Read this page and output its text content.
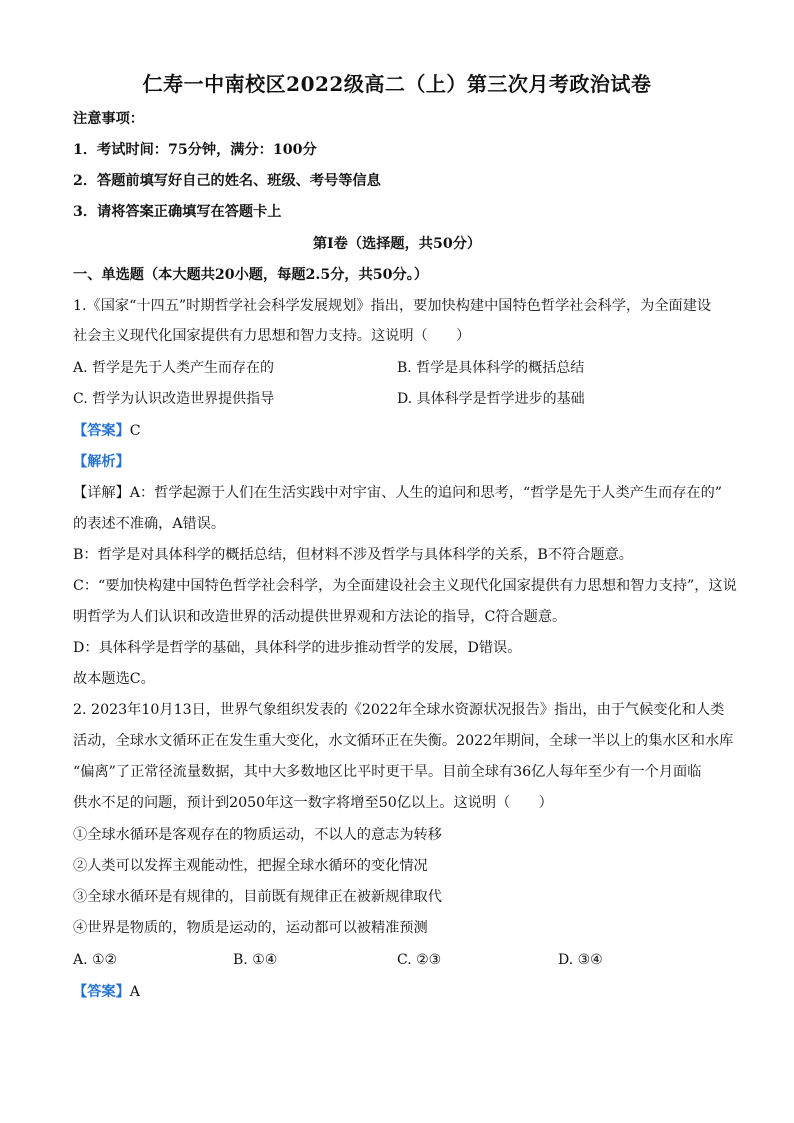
仁寿一中南校区2022级高二（上）第三次月考政治试卷
注意事项：
1．考试时间：75分钟，满分：100分
2．答题前填写好自己的姓名、班级、考号等信息
3．请将答案正确填写在答题卡上
第Ⅰ卷（选择题，共50分）
一、单选题（本大题共20小题，每题2.5分，共50分。）
1.《国家“十四五”时期哲学社会科学发展规划》指出，要加快构建中国特色哲学社会科学，为全面建设
社会主义现代化国家提供有力思想和智力支持。这说明（　　）
A. 哲学是先于人类产生而存在的	B. 哲学是具体科学的概括总结
C. 哲学为认识改造世界提供指导	D. 具体科学是哲学进步的基础
【答案】C
【解析】
【详解】A：哲学起源于人们在生活实践中对宇宙、人生的追问和思考，“哲学是先于人类产生而存在的”
的表述不准确，A错误。
B：哲学是对具体科学的概括总结，但材料不涉及哲学与具体科学的关系，B不符合题意。
C：“要加快构建中国特色哲学社会科学，为全面建设社会主义现代化国家提供有力思想和智力支持”，这说
明哲学为人们认识和改造世界的活动提供世界观和方法论的指导，C符合题意。
D：具体科学是哲学的基础，具体科学的进步推动哲学的发展，D错误。
故本题选C。
2. 2023年10月13日，世界气象组织发表的《2022年全球水资源状况报告》指出，由于气候变化和人类
活动，全球水文循环正在发生重大变化，水文循环正在失衡。2022年期间，全球一半以上的集水区和水库
“偏离”了正常径流量数据，其中大多数地区比平时更干旱。目前全球有36亿人每年至少有一个月面临
供水不足的问题，预计到2050年这一数字将增至50亿以上。这说明（　　）
①全球水循环是客观存在的物质运动，不以人的意志为转移
②人类可以发挥主观能动性，把握全球水循环的变化情况
③全球水循环是有规律的，目前既有规律正在被新规律取代
④世界是物质的，物质是运动的，运动都可以被精准预测
A. ①②	B. ①④	C. ②③	D. ③④
【答案】A
